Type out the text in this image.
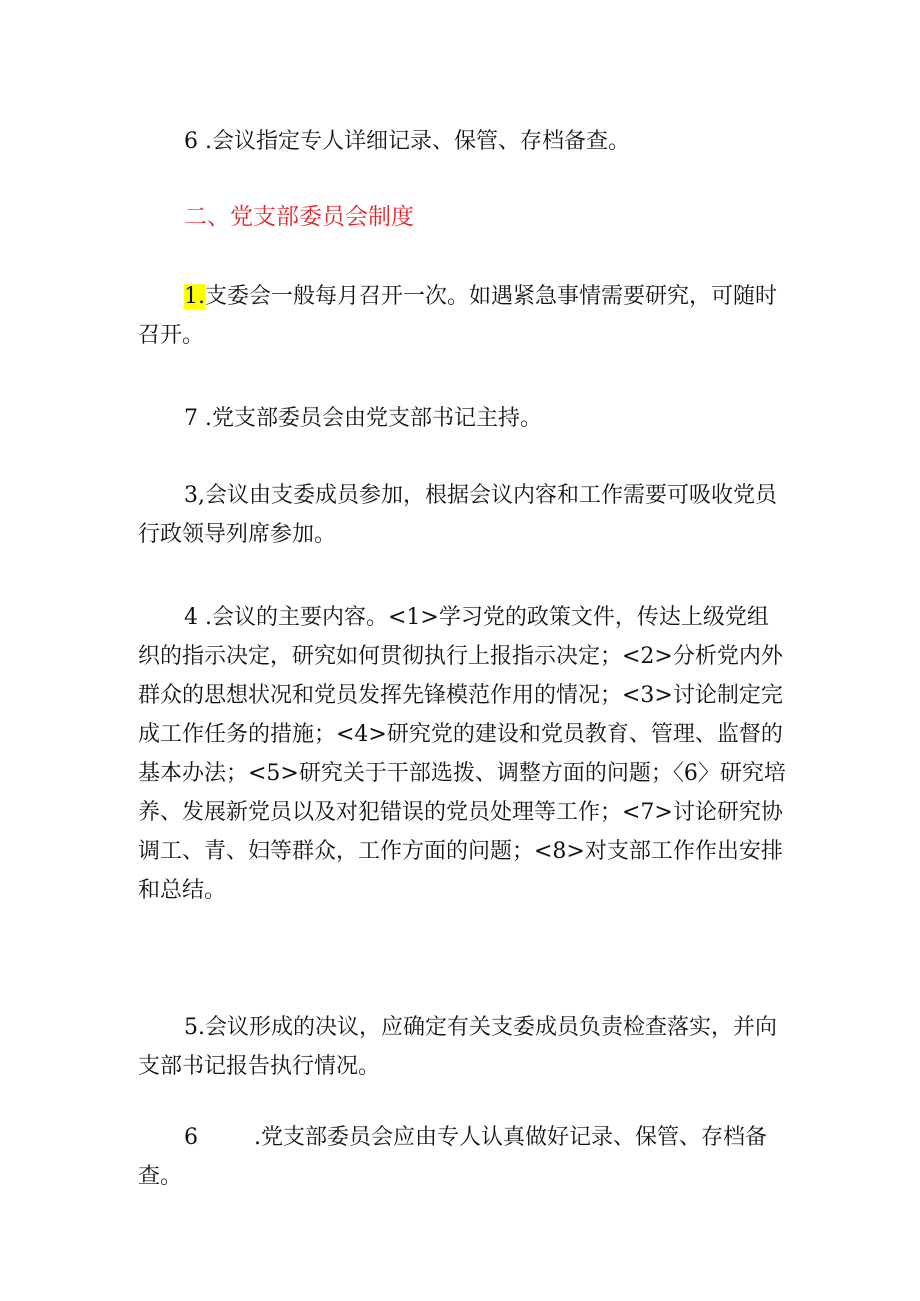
6 .会议指定专人详细记录、保管、存档备查。

二、党支部委员会制度

1.支委会一般每月召开一次。如遇紧急事情需要研究，可随时召开。

7 .党支部委员会由党支部书记主持。

3,会议由支委成员参加，根据会议内容和工作需要可吸收党员行政领导列席参加。

4 .会议的主要内容。<1>学习党的政策文件，传达上级党组织的指示决定，研究如何贯彻执行上报指示决定；<2>分析党内外群众的思想状况和党员发挥先锋模范作用的情况；<3>讨论制定完成工作任务的措施；<4>研究党的建设和党员教育、管理、监督的基本办法；<5>研究关于干部选拨、调整方面的问题；〈6〉研究培养、发展新党员以及对犯错误的党员处理等工作；<7>讨论研究协调工、青、妇等群众，工作方面的问题；<8>对支部工作作出安排和总结。

5.会议形成的决议，应确定有关支委成员负责检查落实，并向支部书记报告执行情况。

6	.党支部委员会应由专人认真做好记录、保管、存档备查。
